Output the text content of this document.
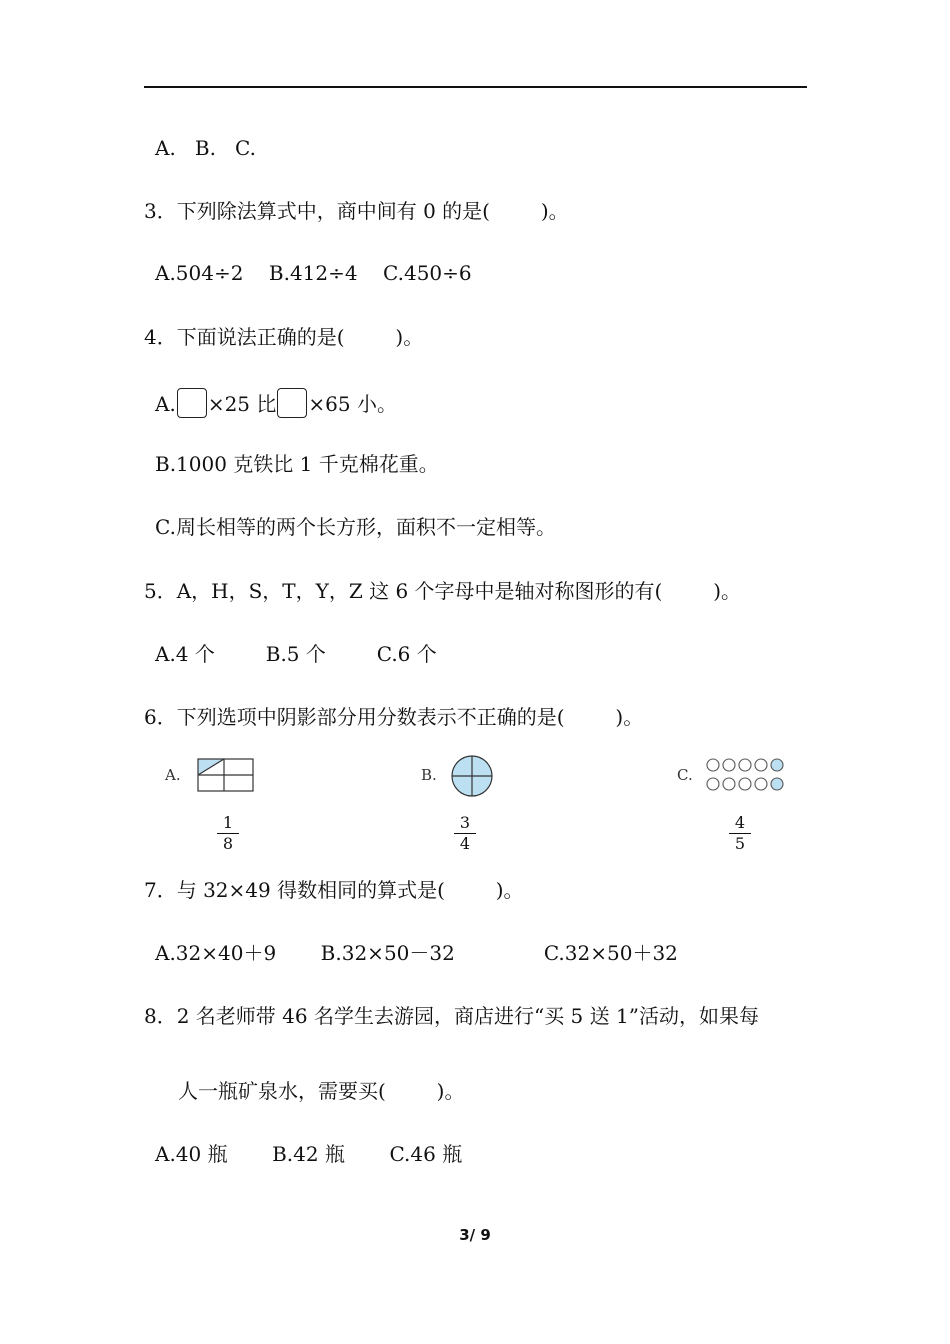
A.   B.   C.
3．下列除法算式中，商中间有 0 的是(        )。
A.504÷2    B.412÷4    C.450÷6
4．下面说法正确的是(        )。
A. ×25 比 ×65 小。
B.1000 克铁比 1 千克棉花重。
C.周长相等的两个长方形，面积不一定相等。
5．A，H，S，T，Y，Z 这 6 个字母中是轴对称图形的有(        )。
A.4 个        B.5 个        C.6 个
6．下列选项中阴影部分用分数表示不正确的是(        )。
A.
1
8
B.
3
4
C.
4
5
7．与 32×49 得数相同的算式是(        )。
A.32×40＋9       B.32×50－32              C.32×50＋32
8．2 名老师带 46 名学生去游园，商店进行“买 5 送 1”活动，如果每
人一瓶矿泉水，需要买(        )。
A.40 瓶       B.42 瓶       C.46 瓶
3/ 9
